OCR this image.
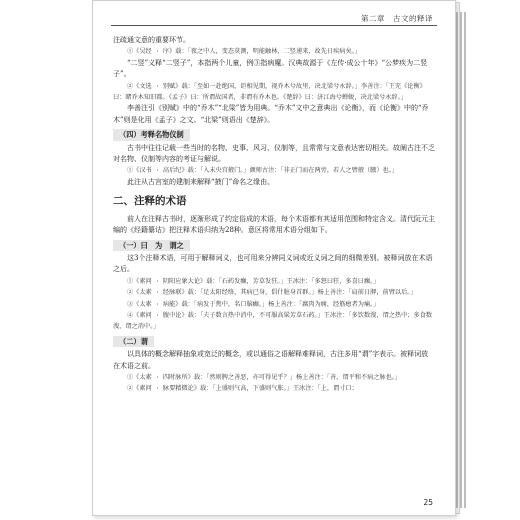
第二章　古文的释译

注疏通文意的重要环节。

①《吴经 · 序》载：「夜之中人，变态莫测，明能触林，二竖递来，故先日疾病矣。」

“二竖”义释“二竖子”，本指两个儿童，例③指病魔。汉典故源于《左传·成公十年》“公梦疾为二竖子”。

②《文选 · 别赋》载：「至如一赴绝国，讵相见期，视乔木兮故里，决北梁兮永辞。」李善注：「王充《论衡》曰：睹乔木知旧都。《孟子》曰：所谓故国者，非谓有乔木也。《楚辞》曰：济江海兮蝉蜕，决北梁兮永辞。」

李善注引《别赋》中的“乔木”“北梁”皆为用典。“乔木”文中之意典出《论衡》，而《论衡》中的“乔木”则是化用《孟子》之文。“北梁”则语出《楚辞》。

（四）考释名物仪制

古书中往往记载一些当时的名物、史事、风习、仪制等，且常常与文意表达密切相关。故阐古注不乏对名物、仪制等内容的考证与解说。

①《汉书 · 高后纪》载：「入未央宫掖门。」颜师古注：「非正门而在两旁，若人之臂掖（腋）也。」

此注从古宫室的建制来解释“掖门”命名之缘由。

二、注释的术语

前人在注释古书时，逐渐形成了约定俗成的术语，每个术语都有其适用范围和特定含义。清代阮元主编的《经籍纂诂》把注释术语归纳为28种。意区将常用术语分组如下。

（一）曰　为　谓之

这3个注释术语，可用于解释词义，也可用来分辨同义词或近义词之间的细微差别。被释词放在术语之后。

①《素问 · 阴阳应象大论》载：「石药发癫，芳草发狂。」王冰注：「多怒曰狂，多喜曰癫。」

②《太素 · 经脉联》载：「足太阳经络，其病已身，倡什脏身首群。」杨上善注：「肩前日胛，前臂以后。」

③《太素 · 病能》载：「病发于焦中，名口脑癫。」杨上善注：「腐肉为痈，经筋瘛者为痛。」

④《素问 · 腹中论》载：「夫子数言热中消中，不可服高粱芳草石药。」王冰注：「多饮数溲，谓之热中；多食数溲，谓之消中。」

（二）谓

以具体的概念解释抽象或宽泛的概念，或以通俗之语解释难释词，古注多用“谓”字表示。被释词放在术语之前。

①《太素 · 四时脉所》载：「然则脾之善恶，亦可得见乎？」杨上善注：「善，谓平和不病之脉也。」

②《素问 · 脉要精微论》载：「上盛则气高，下盛则气胀。」王冰注：「上，谓寸口；

25
